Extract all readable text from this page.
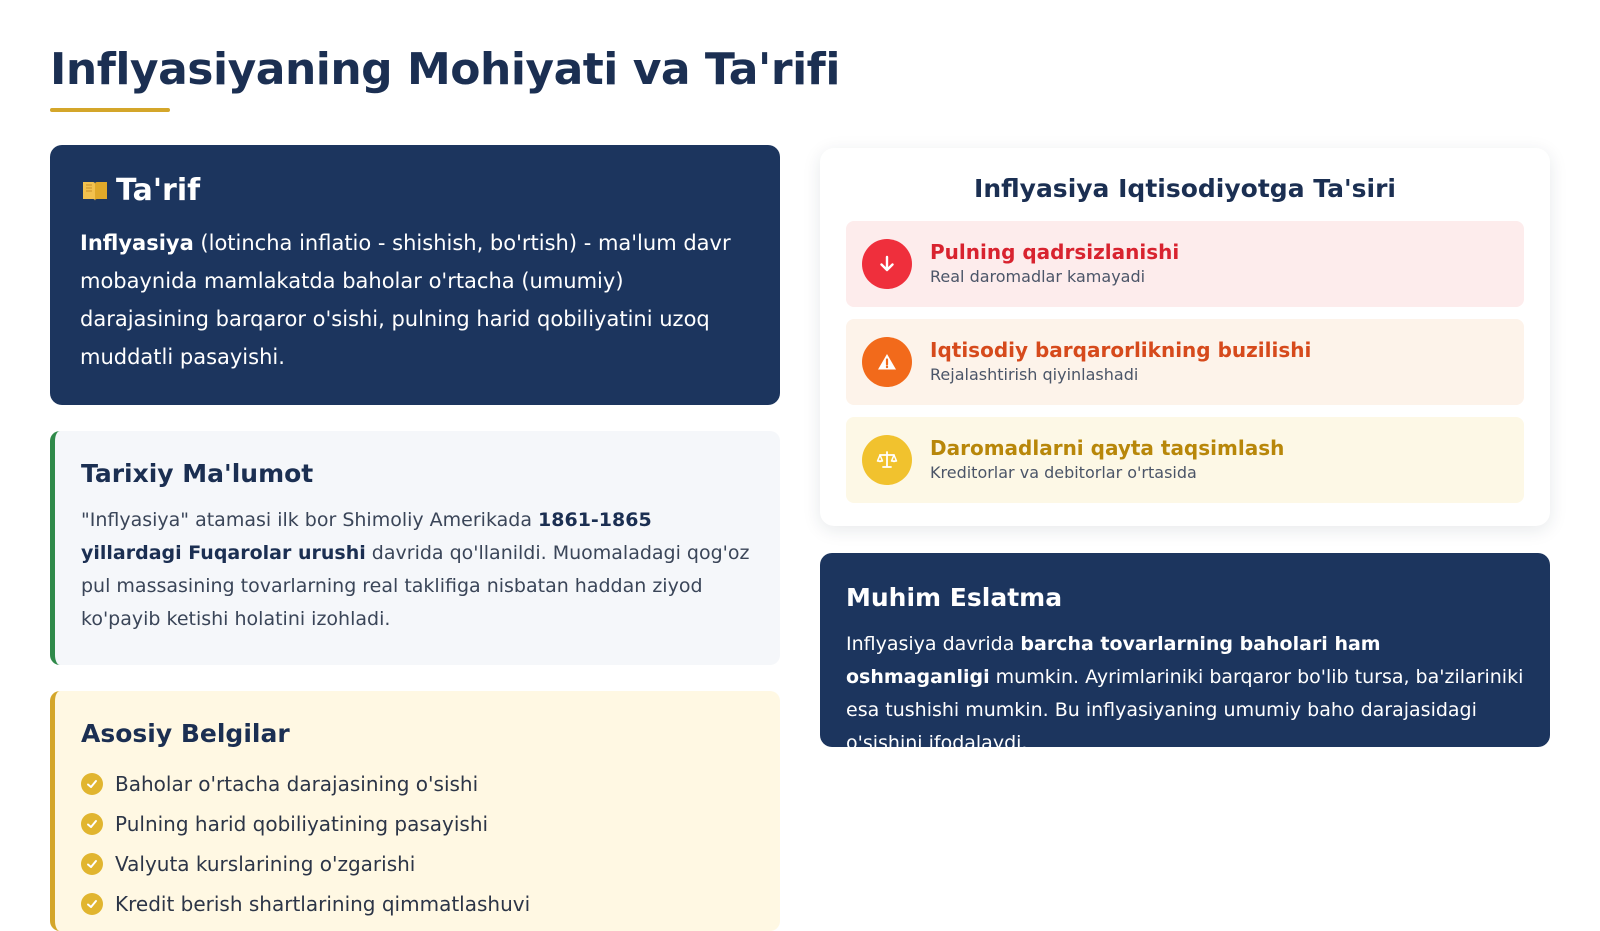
Inflyasiyaning Mohiyati va Ta'rifi
Ta'rif

Inflyasiya (lotincha inflatio - shishish, bo'rtish) - ma'lum davr mobaynida mamlakatda baholar o'rtacha (umumiy) darajasining barqaror o'sishi, pulning harid qobiliyatini uzoq muddatli pasayishi.

Tarixiy Ma'lumot

"Inflyasiya" atamasi ilk bor Shimoliy Amerikada 1861-1865 yillardagi Fuqarolar urushi davrida qo'llanildi. Muomaladagi qog'oz pul massasining tovarlarning real taklifiga nisbatan haddan ziyod ko'payib ketishi holatini izohladi.

Asosiy Belgilar
Baholar o'rtacha darajasining o'sishi
Pulning harid qobiliyatining pasayishi
Valyuta kurslarining o'zgarishi
Kredit berish shartlarining qimmatlashuvi
Inflyasiya Iqtisodiyotga Ta'siri
Pulning qadrsizlanishi
Real daromadlar kamayadi
Iqtisodiy barqarorlikning buzilishi
Rejalashtirish qiyinlashadi
Daromadlarni qayta taqsimlash
Kreditorlar va debitorlar o'rtasida
Muhim Eslatma

Inflyasiya davrida barcha tovarlarning baholari ham oshmaganligi mumkin. Ayrimlariniki barqaror bo'lib tursa, ba'zilariniki esa tushishi mumkin. Bu inflyasiyaning umumiy baho darajasidagi o'sishini ifodalaydi.
